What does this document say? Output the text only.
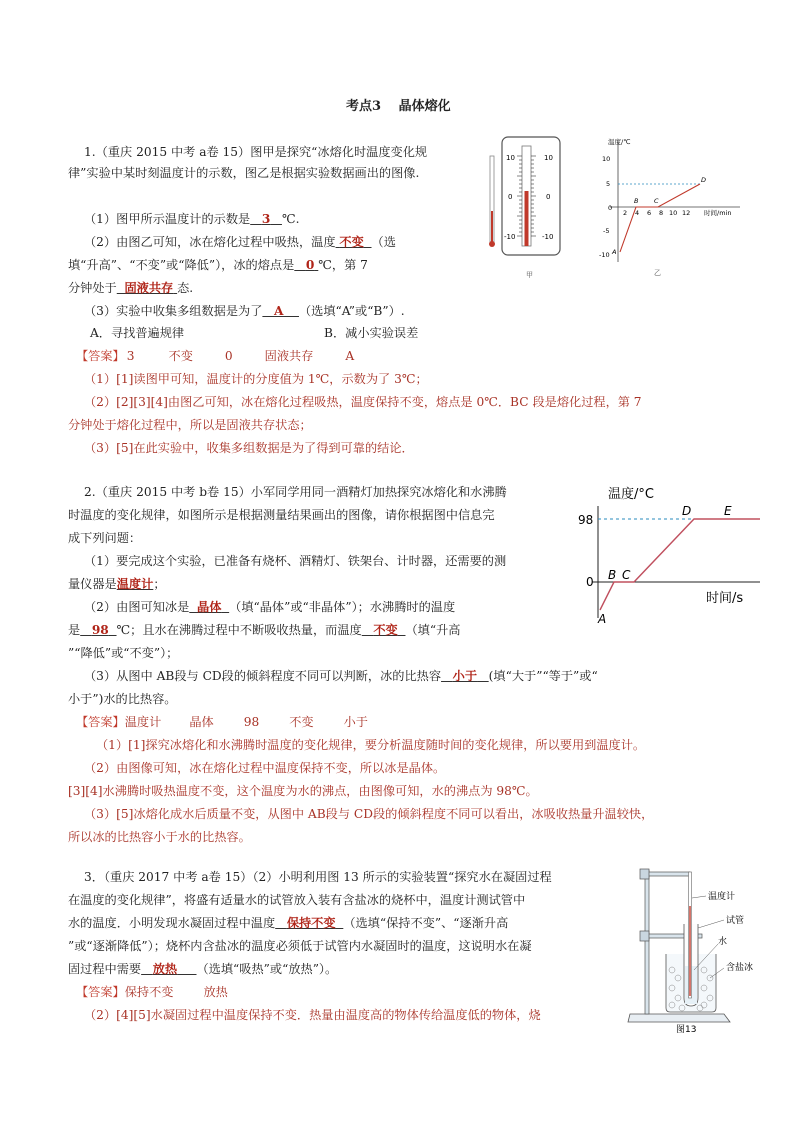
考点3　 晶体熔化
1.（重庆 2015 中考 a卷 15）图甲是探究“冰熔化时温度变化规
律”实验中某时刻温度计的示数，图乙是根据实验数据画出的图像.
（1）图甲所示温度计的示数是 3 ℃.
（2）由图乙可知，冰在熔化过程中吸热，温度 不变 （选
填“升高”、“不变”或“降低”），冰的熔点是 0 ℃，第 7
分钟处于 固液共存 态.
（3）实验中收集多组数据是为了 A （选填“A”或“B”）.
A．寻找普遍规律	B．减小实验误差
【答案】 3	不变	0	固液共存	A
（1）[1]读图甲可知，温度计的分度值为 1℃，示数为了 3℃；
（2）[2][3][4]由图乙可知，冰在熔化过程吸热，温度保持不变，熔点是 0℃．BC 段是熔化过程，第 7
分钟处于熔化过程中，所以是固液共存状态；
（3）[5]在此实验中，收集多组数据是为了得到可靠的结论．
10
0
-10
10
0
-10
甲
温度/℃
时间/min
10
5
0
-5
-10
2 4 6 8 10 12
A
B C
D
乙
2.（重庆 2015 中考 b卷 15）小军同学用同一酒精灯加热探究冰熔化和水沸腾
时温度的变化规律，如图所示是根据测量结果画出的图像，请你根据图中信息完
成下列问题：
（1）要完成这个实验，已准备有烧杯、酒精灯、铁架台、计时器，还需要的测
量仪器是温度计；
（2）由图可知冰是 晶体 （填“晶体”或“非晶体”）；水沸腾时的温度
是 98 ℃；且水在沸腾过程中不断吸收热量，而温度 不变 （填“升高
”“降低”或“不变”）；
（3）从图中 AB段与 CD段的倾斜程度不同可以判断，冰的比热容 小于 (填“大于”“等于”或“
小于”)水的比热容。
【答案】温度计 晶体 98 不变 小于
（1）[1]探究冰熔化和水沸腾时温度的变化规律，要分析温度随时间的变化规律，所以要用到温度计。
（2）由图像可知，冰在熔化过程中温度保持不变，所以冰是晶体。
[3][4]水沸腾时吸热温度不变，这个温度为水的沸点，由图像可知，水的沸点为 98℃。
（3）[5]冰熔化成水后质量不变，从图中 AB段与 CD段的倾斜程度不同可以看出，冰吸收热量升温较快，
所以冰的比热容小于水的比热容。
温度/°C
时间/s
98
0
A
B C
D	E
3．（重庆 2017 中考 a卷 15）（2）小明利用图 13 所示的实验装置“探究水在凝固过程
在温度的变化规律”，将盛有适量水的试管放入装有含盐冰的烧杯中，温度计测试管中
水的温度．小明发现水凝固过程中温度 保持不变 （选填“保持不变”、“逐渐升高
”或“逐渐降低”）；烧杯内含盐冰的温度必须低于试管内水凝固时的温度，这说明水在凝
固过程中需要 放热 （选填“吸热”或“放热”）。
【答案】保持不变 放热
（2）[4][5]水凝固过程中温度保持不变．热量由温度高的物体传给温度低的物体，烧
温度计
试管
水
含盐冰
图13
